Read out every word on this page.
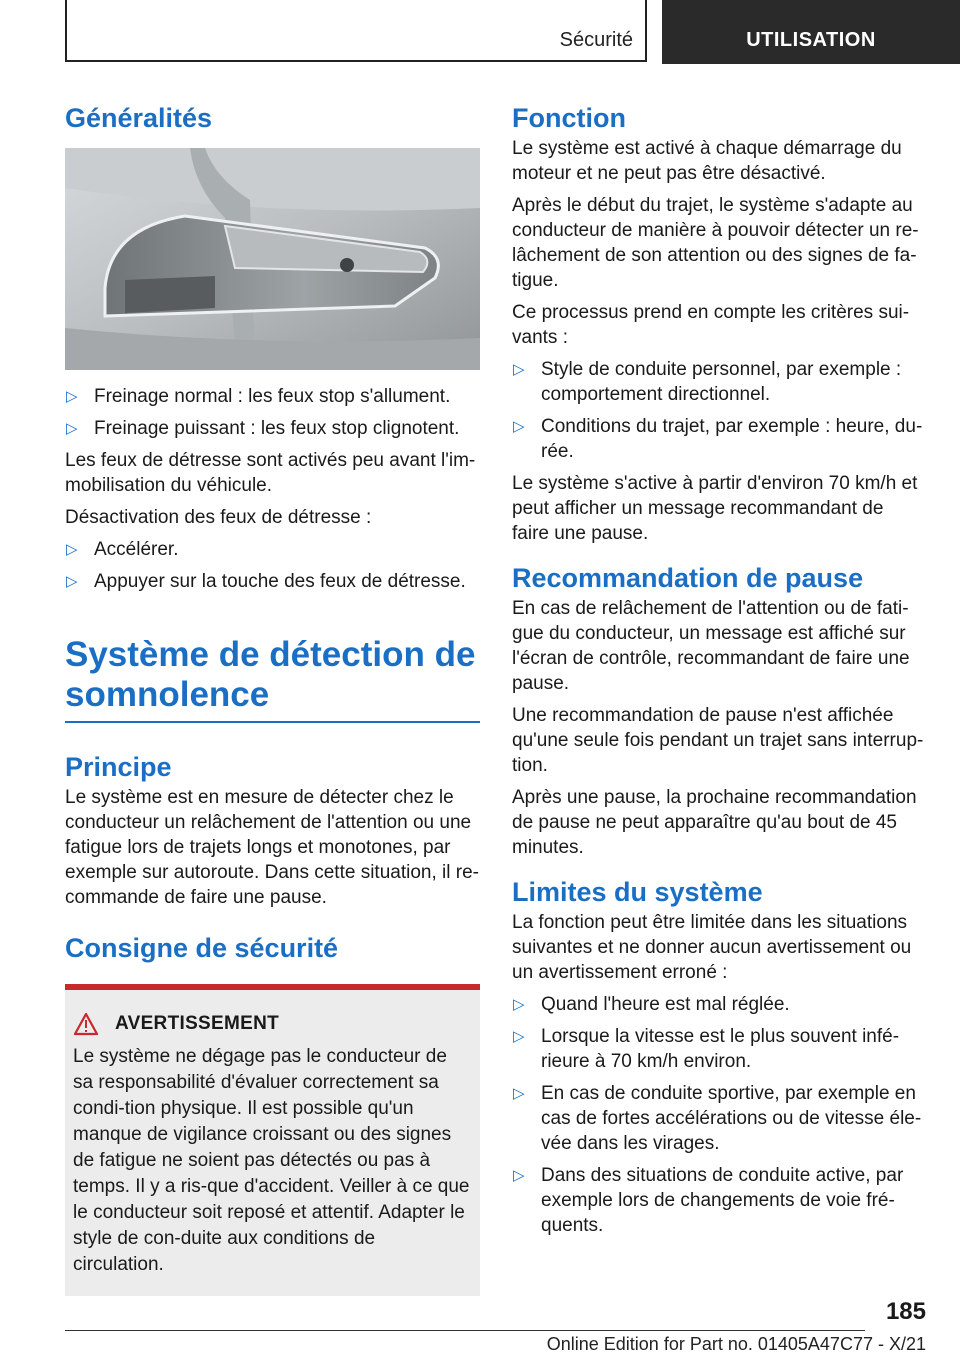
Sécurité	UTILISATION
Généralités
▷ Freinage normal : les feux stop s'allument.
▷ Freinage puissant : les feux stop clignotent.

Les feux de détresse sont activés peu avant l'im-mobilisation du véhicule.

Désactivation des feux de détresse :

▷ Accélérer.
▷ Appuyer sur la touche des feux de détresse.
Système de détection de somnolence
Principe

Le système est en mesure de détecter chez le conducteur un relâchement de l'attention ou une fatigue lors de trajets longs et monotones, par exemple sur autoroute. Dans cette situation, il re-commande de faire une pause.

Consigne de sécurité
AVERTISSEMENT

Le système ne dégage pas le conducteur de sa responsabilité d'évaluer correctement sa condi-tion physique. Il est possible qu'un manque de vigilance croissant ou des signes de fatigue ne soient pas détectés ou pas à temps. Il y a ris-que d'accident. Veiller à ce que le conducteur soit reposé et attentif. Adapter le style de con-duite aux conditions de circulation.

Fonction

Le système est activé à chaque démarrage du moteur et ne peut pas être désactivé.

Après le début du trajet, le système s'adapte au conducteur de manière à pouvoir détecter un re-lâchement de son attention ou des signes de fa-tigue.

Ce processus prend en compte les critères sui-vants :

▷ Style de conduite personnel, par exemple : comportement directionnel.
▷ Conditions du trajet, par exemple : heure, du-rée.

Le système s'active à partir d'environ 70 km/h et peut afficher un message recommandant de faire une pause.

Recommandation de pause

En cas de relâchement de l'attention ou de fati-gue du conducteur, un message est affiché sur l'écran de contrôle, recommandant de faire une pause.

Une recommandation de pause n'est affichée qu'une seule fois pendant un trajet sans interrup-tion.

Après une pause, la prochaine recommandation de pause ne peut apparaître qu'au bout de 45 minutes.

Limites du système

La fonction peut être limitée dans les situations suivantes et ne donner aucun avertissement ou un avertissement erroné :

▷ Quand l'heure est mal réglée.
▷ Lorsque la vitesse est le plus souvent infé-rieure à 70 km/h environ.
▷ En cas de conduite sportive, par exemple en cas de fortes accélérations ou de vitesse éle-vée dans les virages.
▷ Dans des situations de conduite active, par exemple lors de changements de voie fré-quents.
185
Online Edition for Part no. 01405A47C77 - X/21
